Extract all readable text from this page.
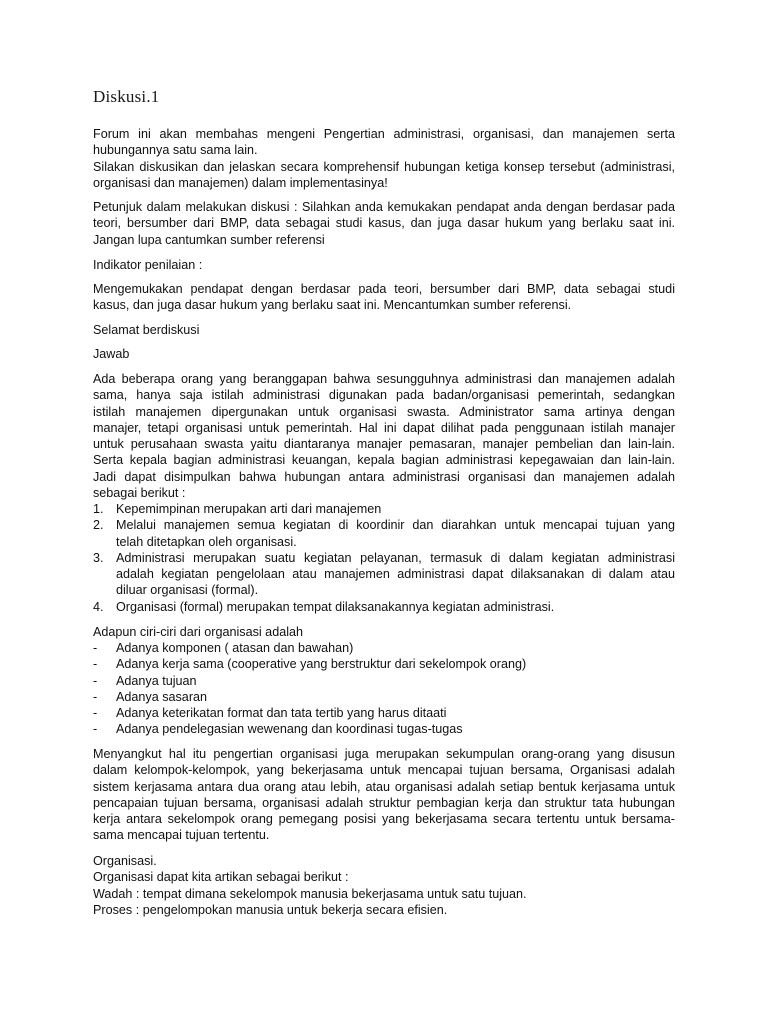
Diskusi.1
Forum ini akan membahas mengeni Pengertian administrasi, organisasi, dan manajemen serta
hubungannya satu sama lain.
Silakan diskusikan dan jelaskan secara komprehensif hubungan ketiga konsep tersebut (administrasi,
organisasi dan manajemen) dalam implementasinya!
Petunjuk dalam melakukan diskusi : Silahkan anda kemukakan pendapat anda dengan berdasar pada
teori, bersumber dari BMP, data sebagai studi kasus, dan juga dasar hukum yang berlaku saat ini.
Jangan lupa cantumkan sumber referensi
Indikator penilaian :
Mengemukakan pendapat dengan berdasar pada teori, bersumber dari BMP, data sebagai studi
kasus, dan juga dasar hukum yang berlaku saat ini. Mencantumkan sumber referensi.
Selamat berdiskusi
Jawab
Ada beberapa orang yang beranggapan bahwa sesungguhnya administrasi dan manajemen adalah
sama, hanya saja istilah administrasi digunakan pada badan/organisasi pemerintah, sedangkan
istilah manajemen dipergunakan untuk organisasi swasta. Administrator sama artinya dengan
manajer, tetapi organisasi untuk pemerintah. Hal ini dapat dilihat pada penggunaan istilah manajer
untuk perusahaan swasta yaitu diantaranya manajer pemasaran, manajer pembelian dan lain-lain.
Serta kepala bagian administrasi keuangan, kepala bagian administrasi kepegawaian dan lain-lain.
Jadi dapat disimpulkan bahwa hubungan antara administrasi organisasi dan manajemen adalah
sebagai berikut :
1. Kepemimpinan merupakan arti dari manajemen
2. Melalui manajemen semua kegiatan di koordinir dan diarahkan untuk mencapai tujuan yang
telah ditetapkan oleh organisasi.
3. Administrasi merupakan suatu kegiatan pelayanan, termasuk di dalam kegiatan administrasi
adalah kegiatan pengelolaan atau manajemen administrasi dapat dilaksanakan di dalam atau
diluar organisasi (formal).
4. Organisasi (formal) merupakan tempat dilaksanakannya kegiatan administrasi.
Adapun ciri-ciri dari organisasi adalah
- Adanya komponen ( atasan dan bawahan)
- Adanya kerja sama (cooperative yang berstruktur dari sekelompok orang)
- Adanya tujuan
- Adanya sasaran
- Adanya keterikatan format dan tata tertib yang harus ditaati
- Adanya pendelegasian wewenang dan koordinasi tugas-tugas
Menyangkut hal itu pengertian organisasi juga merupakan sekumpulan orang-orang yang disusun
dalam kelompok-kelompok, yang bekerjasama untuk mencapai tujuan bersama, Organisasi adalah
sistem kerjasama antara dua orang atau lebih, atau organisasi adalah setiap bentuk kerjasama untuk
pencapaian tujuan bersama, organisasi adalah struktur pembagian kerja dan struktur tata hubungan
kerja antara sekelompok orang pemegang posisi yang bekerjasama secara tertentu untuk bersama-
sama mencapai tujuan tertentu.
Organisasi.
Organisasi dapat kita artikan sebagai berikut :
Wadah : tempat dimana sekelompok manusia bekerjasama untuk satu tujuan.
Proses : pengelompokan manusia untuk bekerja secara efisien.
